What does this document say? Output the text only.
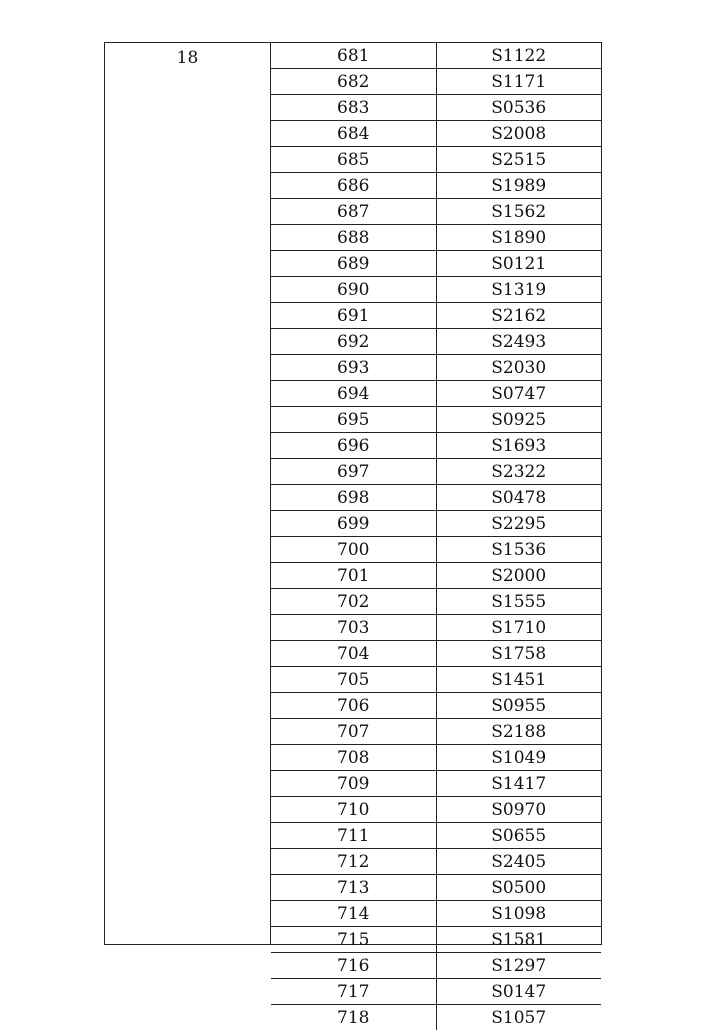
18	681	S1122
682	S1171
683	S0536
684	S2008
685	S2515
686	S1989
687	S1562
688	S1890
689	S0121
690	S1319
691	S2162
692	S2493
693	S2030
694	S0747
695	S0925
696	S1693
697	S2322
698	S0478
699	S2295
700	S1536
701	S2000
702	S1555
703	S1710
704	S1758
705	S1451
706	S0955
707	S2188
708	S1049
709	S1417
710	S0970
711	S0655
712	S2405
713	S0500
714	S1098
715	S1581
716	S1297
717	S0147
718	S1057
